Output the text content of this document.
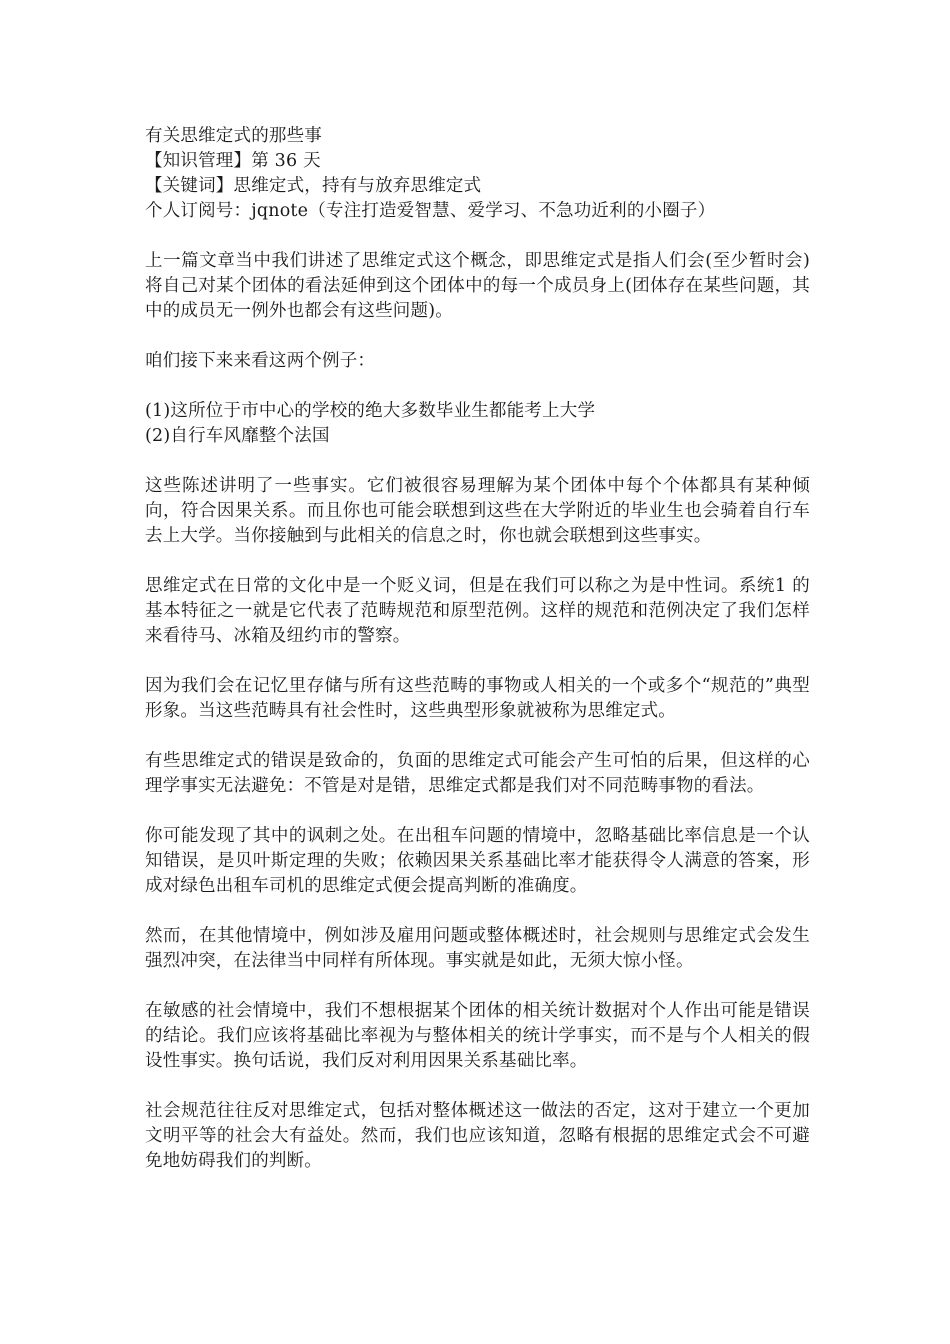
有关思维定式的那些事

【知识管理】第 36 天

【关键词】思维定式，持有与放弃思维定式

个人订阅号：jqnote（专注打造爱智慧、爱学习、不急功近利的小圈子）

上一篇文章当中我们讲述了思维定式这个概念，即思维定式是指人们会(至少暂时会)将自己对某个团体的看法延伸到这个团体中的每一个成员身上(团体存在某些问题，其中的成员无一例外也都会有这些问题)。

咱们接下来来看这两个例子：

(1)这所位于市中心的学校的绝大多数毕业生都能考上大学

(2)自行车风靡整个法国

这些陈述讲明了一些事实。它们被很容易理解为某个团体中每个个体都具有某种倾向，符合因果关系。而且你也可能会联想到这些在大学附近的毕业生也会骑着自行车去上大学。当你接触到与此相关的信息之时，你也就会联想到这些事实。

思维定式在日常的文化中是一个贬义词，但是在我们可以称之为是中性词。系统1 的基本特征之一就是它代表了范畴规范和原型范例。这样的规范和范例决定了我们怎样来看待马、冰箱及纽约市的警察。

因为我们会在记忆里存储与所有这些范畴的事物或人相关的一个或多个“规范的”典型形象。当这些范畴具有社会性时，这些典型形象就被称为思维定式。

有些思维定式的错误是致命的，负面的思维定式可能会产生可怕的后果，但这样的心理学事实无法避免：不管是对是错，思维定式都是我们对不同范畴事物的看法。

你可能发现了其中的讽刺之处。在出租车问题的情境中，忽略基础比率信息是一个认知错误，是贝叶斯定理的失败；依赖因果关系基础比率才能获得令人满意的答案，形成对绿色出租车司机的思维定式便会提高判断的准确度。

然而，在其他情境中，例如涉及雇用问题或整体概述时，社会规则与思维定式会发生强烈冲突，在法律当中同样有所体现。事实就是如此，无须大惊小怪。

在敏感的社会情境中，我们不想根据某个团体的相关统计数据对个人作出可能是错误的结论。我们应该将基础比率视为与整体相关的统计学事实，而不是与个人相关的假设性事实。换句话说，我们反对利用因果关系基础比率。

社会规范往往反对思维定式，包括对整体概述这一做法的否定，这对于建立一个更加文明平等的社会大有益处。然而，我们也应该知道，忽略有根据的思维定式会不可避免地妨碍我们的判断。
